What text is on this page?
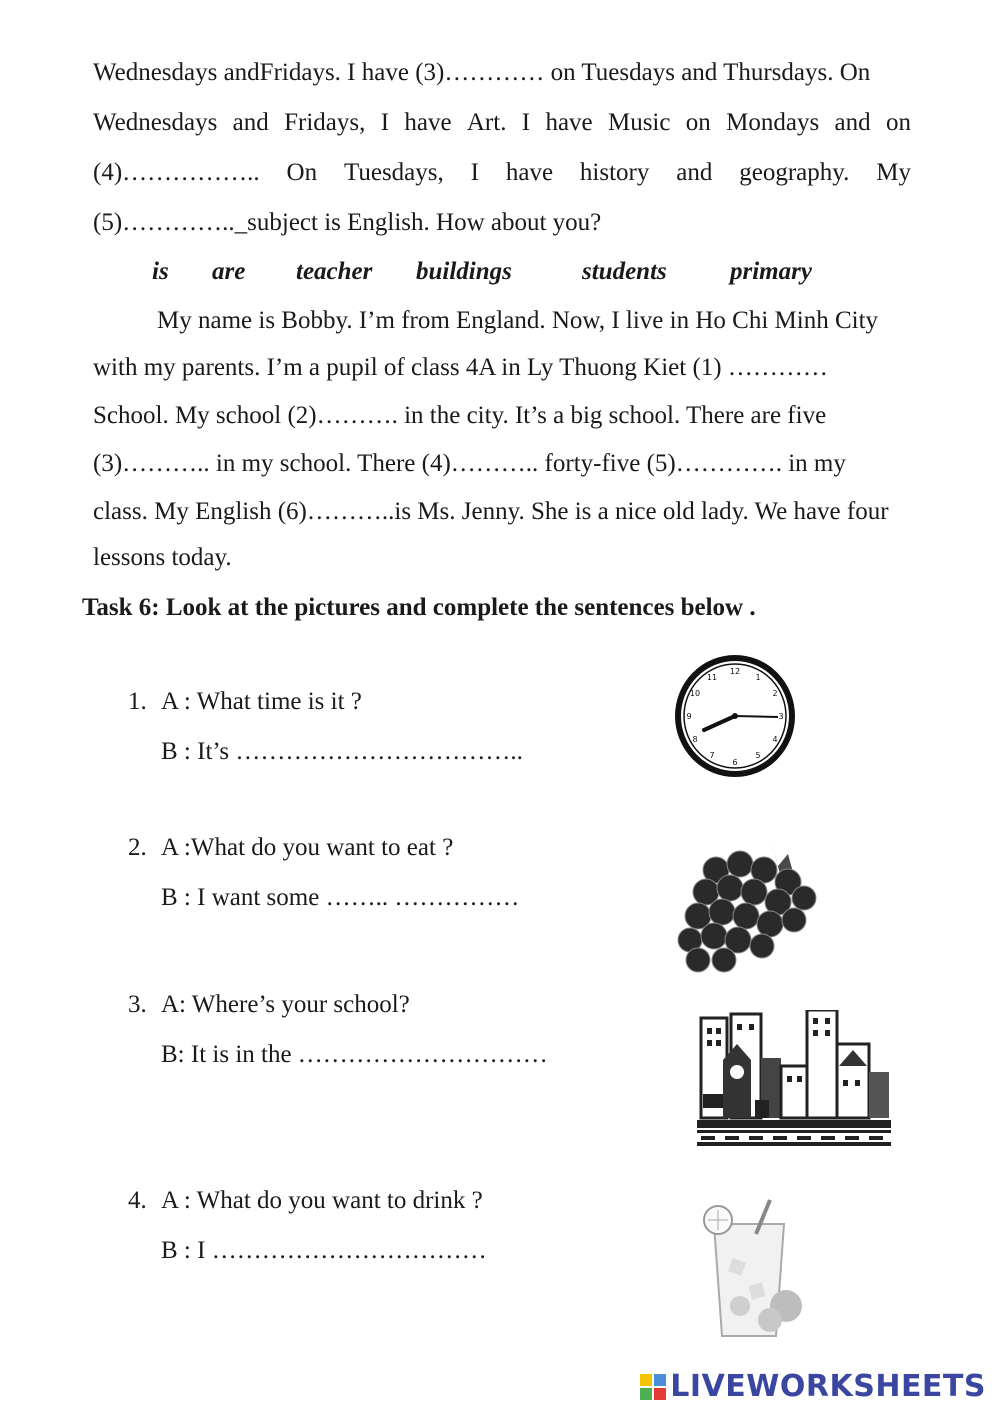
Wednesdays andFridays. I have (3)………… on Tuesdays and Thursdays. On
Wednesdays and Fridays, I have Art. I have Music on Mondays and on
(4)…………….. On Tuesdays, I have history and geography. My
(5)………….._subject is English. How about you?
is are teacher buildings	students	primary
My name is Bobby. I’m from England. Now, I live in Ho Chi Minh City
with my parents. I’m a pupil of class 4A in Ly Thuong Kiet (1) …………
School. My school (2)………. in the city. It’s a big school. There are five
(3)……….. in my school. There (4)……….. forty-five (5)…………. in my
class. My English (6)………..is Ms. Jenny. She is a nice old lady. We have four
lessons today.
Task 6: Look at the pictures and complete the sentences below .
1. A : What time is it ?
B : It’s ……………………………..
2. A :What do you want to eat ?
B : I want some …….. ……………
3. A: Where’s your school?
B: It is in the …………………………
4. A : What do you want to drink ?
B : I ……………………………
12
1
2
3
4
5
6
7
8
9
10
11
LIVEWORKSHEETS
